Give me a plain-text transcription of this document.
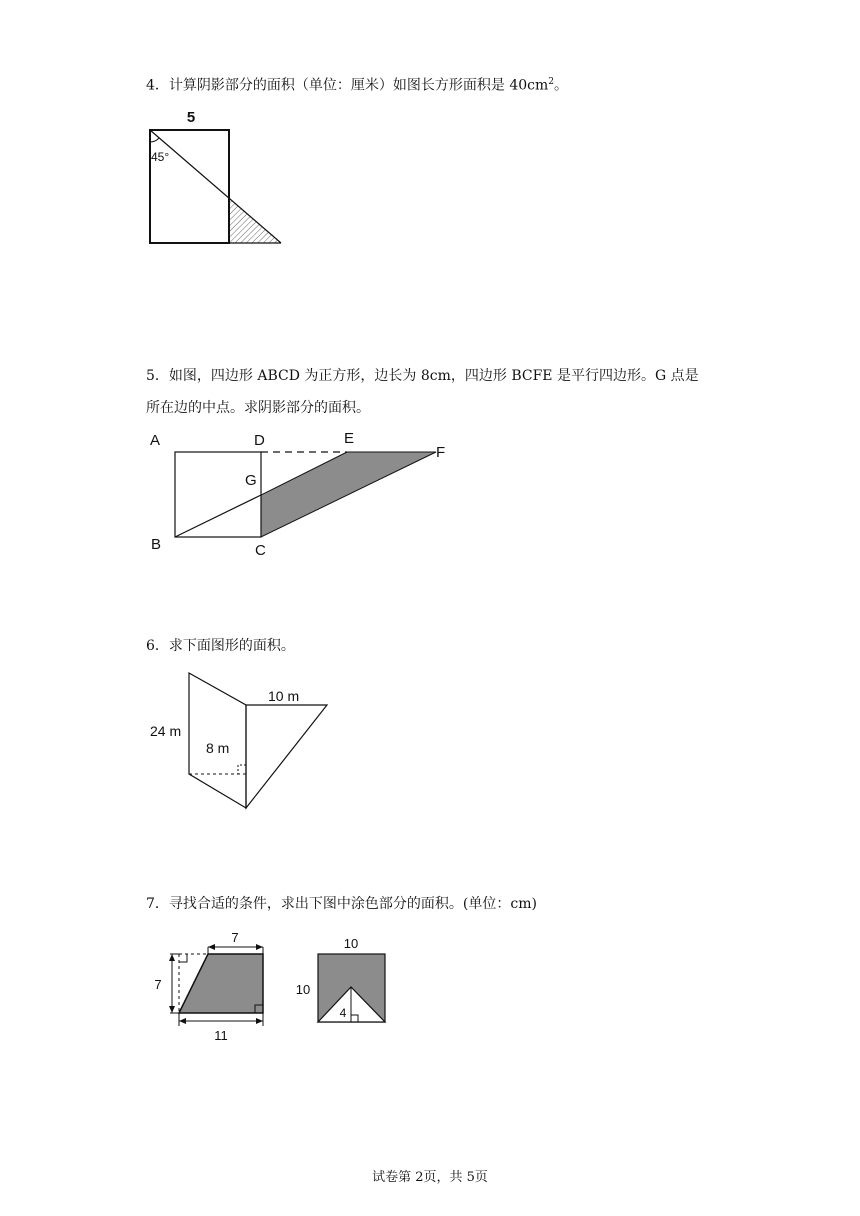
4．计算阴影部分的面积（单位：厘米）如图长方形面积是 $40cm^2$。
5
45°
5．如图，四边形 ABCD 为正方形，边长为 8cm，四边形 BCFE 是平行四边形。G 点是
所在边的中点。求阴影部分的面积。
A	D	E
F
G
B	C
6．求下面图形的面积。
24 m
8 m
10 m
7．寻找合适的条件，求出下图中涂色部分的面积。(单位：cm)
7
7
11
10
10
4
试卷第 2页，共 5页
